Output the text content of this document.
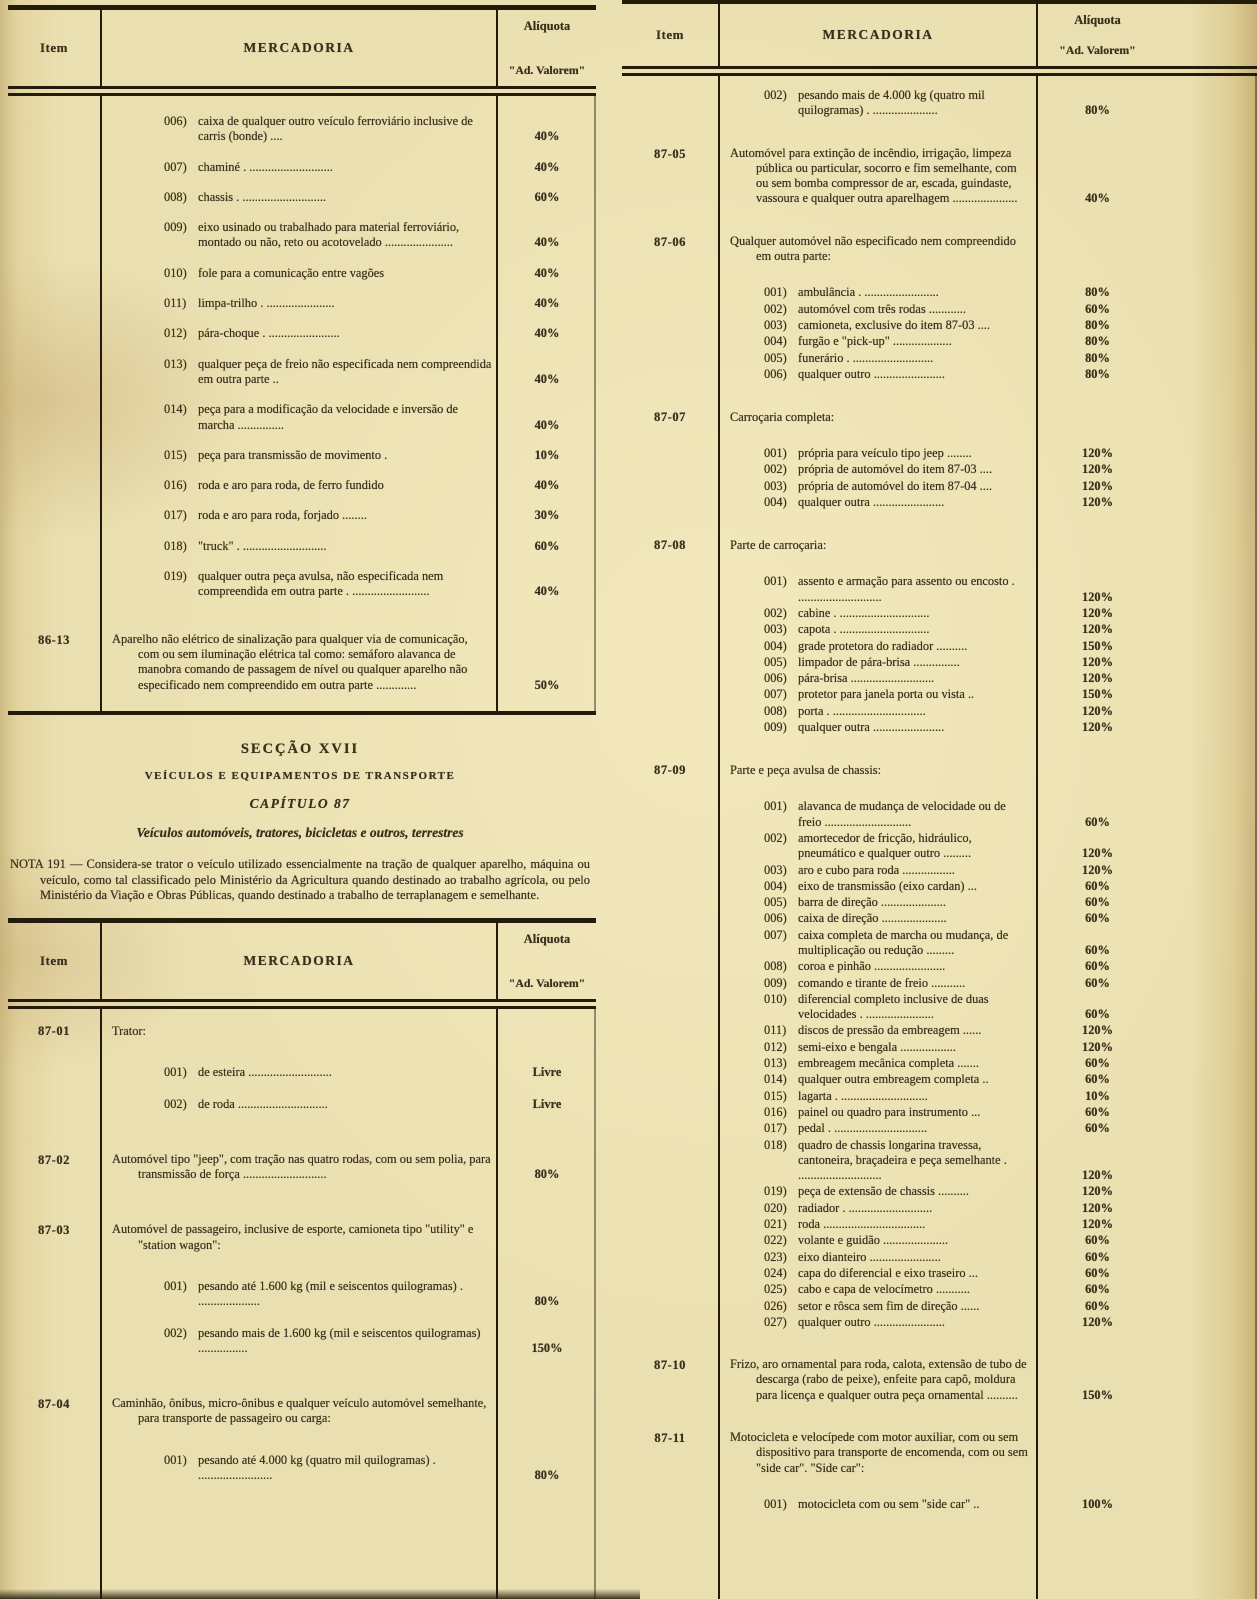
Item	MERCADORIA
Alíquota
"Ad. Valorem"
006) caixa de qualquer outro veículo ferroviário inclusive de carris (bonde) ....	40%
007) chaminé . ...........................	40%
008) chassis . ...........................	60%
009) eixo usinado ou trabalhado para material ferroviário, montado ou não, reto ou acotovelado ......................	40%
010) fole para a comunicação entre vagões	40%
011) limpa-trilho . ......................	40%
012) pára-choque . .......................	40%
013) qualquer peça de freio não especificada nem compreendida em outra parte ..	40%
014) peça para a modificação da velocidade e inversão de marcha ...............	40%
015) peça para transmissão de movimento .	10%
016) roda e aro para roda, de ferro fundido	40%
017) roda e aro para roda, forjado ........	30%
018) "truck" . ...........................	60%
019) qualquer outra peça avulsa, não especificada nem compreendida em outra parte . .........................	40%
86-13	Aparelho não elétrico de sinalização para qualquer via de comunicação, com ou sem iluminação elétrica tal como: semáforo alavanca de manobra comando de passagem de nível ou qualquer aparelho não especificado nem compreendido em outra parte .............	50%
SECÇÃO XVII
VEÍCULOS E EQUIPAMENTOS DE TRANSPORTE
CAPÍTULO 87
Veículos automóveis, tratores, bicicletas e outros, terrestres

NOTA 191 — Considera-se trator o veículo utilizado essencialmente na tração de qualquer aparelho, máquina ou veículo, como tal classificado pelo Ministério da Agricultura quando destinado ao trabalho agrícola, ou pelo Ministério da Viação e Obras Públicas, quando destinado a trabalho de terraplanagem e semelhante.

Item	MERCADORIA
Alíquota
"Ad. Valorem"
87-01	Trator:

001) de esteira ...........................	Livre
002) de roda .............................	Livre
87-02	Automóvel tipo "jeep", com tração nas quatro rodas, com ou sem polia, para transmissão de força ...........................	80%
87-03	Automóvel de passageiro, inclusive de esporte, camioneta tipo "utility" e "station wagon":

001) pesando até 1.600 kg (mil e seiscentos quilogramas) . ....................	80%
002) pesando mais de 1.600 kg (mil e seiscentos quilogramas) ................	150%
87-04	Caminhão, ônibus, micro-ônibus e qualquer veículo automóvel semelhante, para transporte de passageiro ou carga:

001) pesando até 4.000 kg (quatro mil quilogramas) . ........................	80%
Item	MERCADORIA
Alíquota
"Ad. Valorem"
002) pesando mais de 4.000 kg (quatro mil quilogramas) . .....................	80%
87-05	Automóvel para extinção de incêndio, irrigação, limpeza pública ou particular, socorro e fim semelhante, com ou sem bomba compressor de ar, escada, guindaste, vassoura e qualquer outra aparelhagem .....................	40%
87-06	Qualquer automóvel não especificado nem compreendido em outra parte:

001) ambulância . ........................	80%
002) automóvel com três rodas ............	60%
003) camioneta, exclusive do item 87-03 ....	80%
004) furgão e "pick-up" ...................	80%
005) funerário . ..........................	80%
006) qualquer outro .......................	80%
87-07	Carroçaria completa:

001) própria para veículo tipo jeep ........	120%
002) própria de automóvel do item 87-03 ....	120%
003) própria de automóvel do item 87-04 ....	120%
004) qualquer outra .......................	120%
87-08	Parte de carroçaria:

001) assento e armação para assento ou encosto . ...........................	120%
002) cabine . .............................	120%
003) capota . .............................	120%
004) grade protetora do radiador ..........	150%
005) limpador de pára-brisa ...............	120%
006) pára-brisa ...........................	120%
007) protetor para janela porta ou vista ..	150%
008) porta . ..............................	120%
009) qualquer outra .......................	120%
87-09	Parte e peça avulsa de chassis:

001) alavanca de mudança de velocidade ou de freio ............................	60%
002) amortecedor de fricção, hidráulico, pneumático e qualquer outro .........	120%
003) aro e cubo para roda .................	120%
004) eixo de transmissão (eixo cardan) ...	60%
005) barra de direção .....................	60%
006) caixa de direção .....................	60%
007) caixa completa de marcha ou mudança, de multiplicação ou redução .........	60%
008) coroa e pinhão .......................	60%
009) comando e tirante de freio ...........	60%
010) diferencial completo inclusive de duas velocidades . ......................	60%
011) discos de pressão da embreagem ......	120%
012) semi-eixo e bengala ..................	120%
013) embreagem mecânica completa .......	60%
014) qualquer outra embreagem completa ..	60%
015) lagarta . ............................	10%
016) painel ou quadro para instrumento ...	60%
017) pedal . ..............................	60%
018) quadro de chassis longarina travessa, cantoneira, braçadeira e peça semelhante . ...........................	120%
019) peça de extensão de chassis ..........	120%
020) radiador . ...........................	120%
021) roda .................................	120%
022) volante e guidão .....................	60%
023) eixo dianteiro .......................	60%
024) capa do diferencial e eixo traseiro ...	60%
025) cabo e capa de velocímetro ...........	60%
026) setor e rôsca sem fim de direção ......	60%
027) qualquer outro .......................	120%
87-10	Frizo, aro ornamental para roda, calota, extensão de tubo de descarga (rabo de peixe), enfeite para capô, moldura para licença e qualquer outra peça ornamental ..........	150%
87-11	Motocicleta e velocípede com motor auxiliar, com ou sem dispositivo para transporte de encomenda, com ou sem "side car". "Side car":

001) motocicleta com ou sem "side car" ..	100%
